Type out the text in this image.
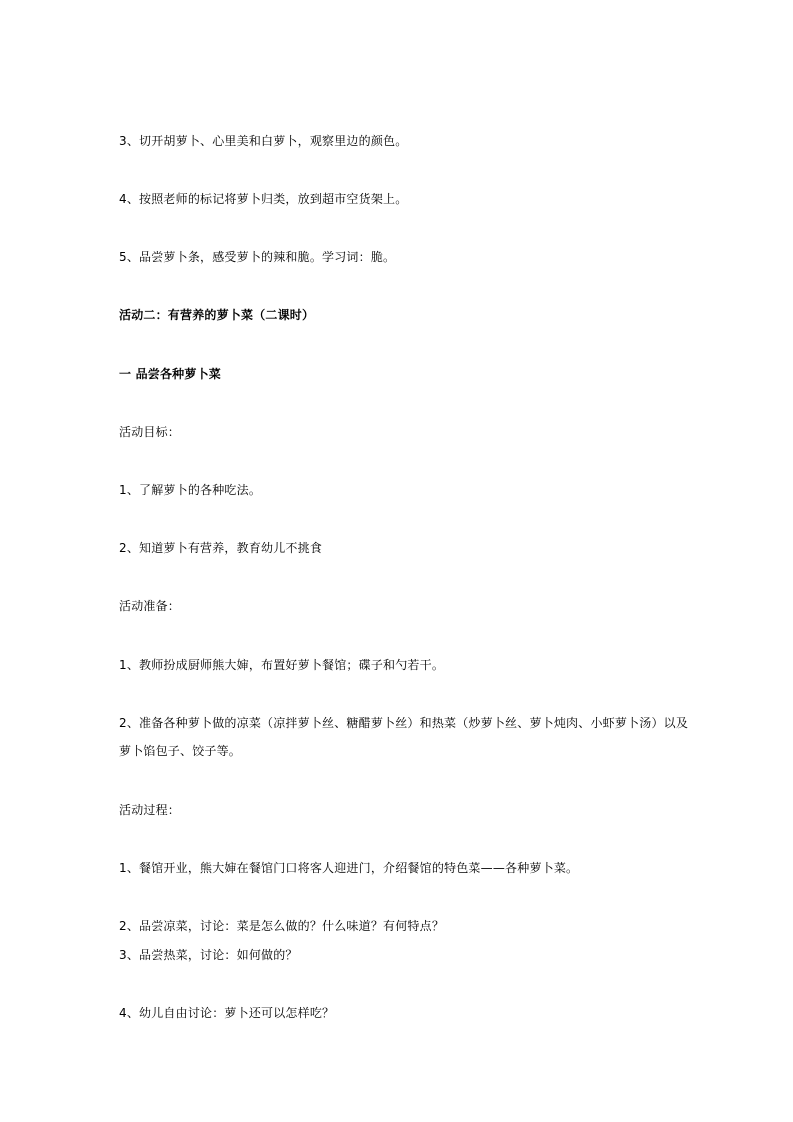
3、切开胡萝卜、心里美和白萝卜，观察里边的颜色。
4、按照老师的标记将萝卜归类，放到超市空货架上。
5、品尝萝卜条，感受萝卜的辣和脆。学习词：脆。
活动二：有营养的萝卜菜（二课时）
一 品尝各种萝卜菜
活动目标：
1、了解萝卜的各种吃法。
2、知道萝卜有营养，教育幼儿不挑食
活动准备：
1、教师扮成厨师熊大婶，布置好萝卜餐馆；碟子和勺若干。
2、准备各种萝卜做的凉菜（凉拌萝卜丝、糖醋萝卜丝）和热菜（炒萝卜丝、萝卜炖肉、小虾萝卜汤）以及
萝卜馅包子、饺子等。
活动过程：
1、餐馆开业，熊大婶在餐馆门口将客人迎进门，介绍餐馆的特色菜——各种萝卜菜。
2、品尝凉菜，讨论：菜是怎么做的？什么味道？有何特点？
3、品尝热菜，讨论：如何做的？
4、幼儿自由讨论：萝卜还可以怎样吃？
